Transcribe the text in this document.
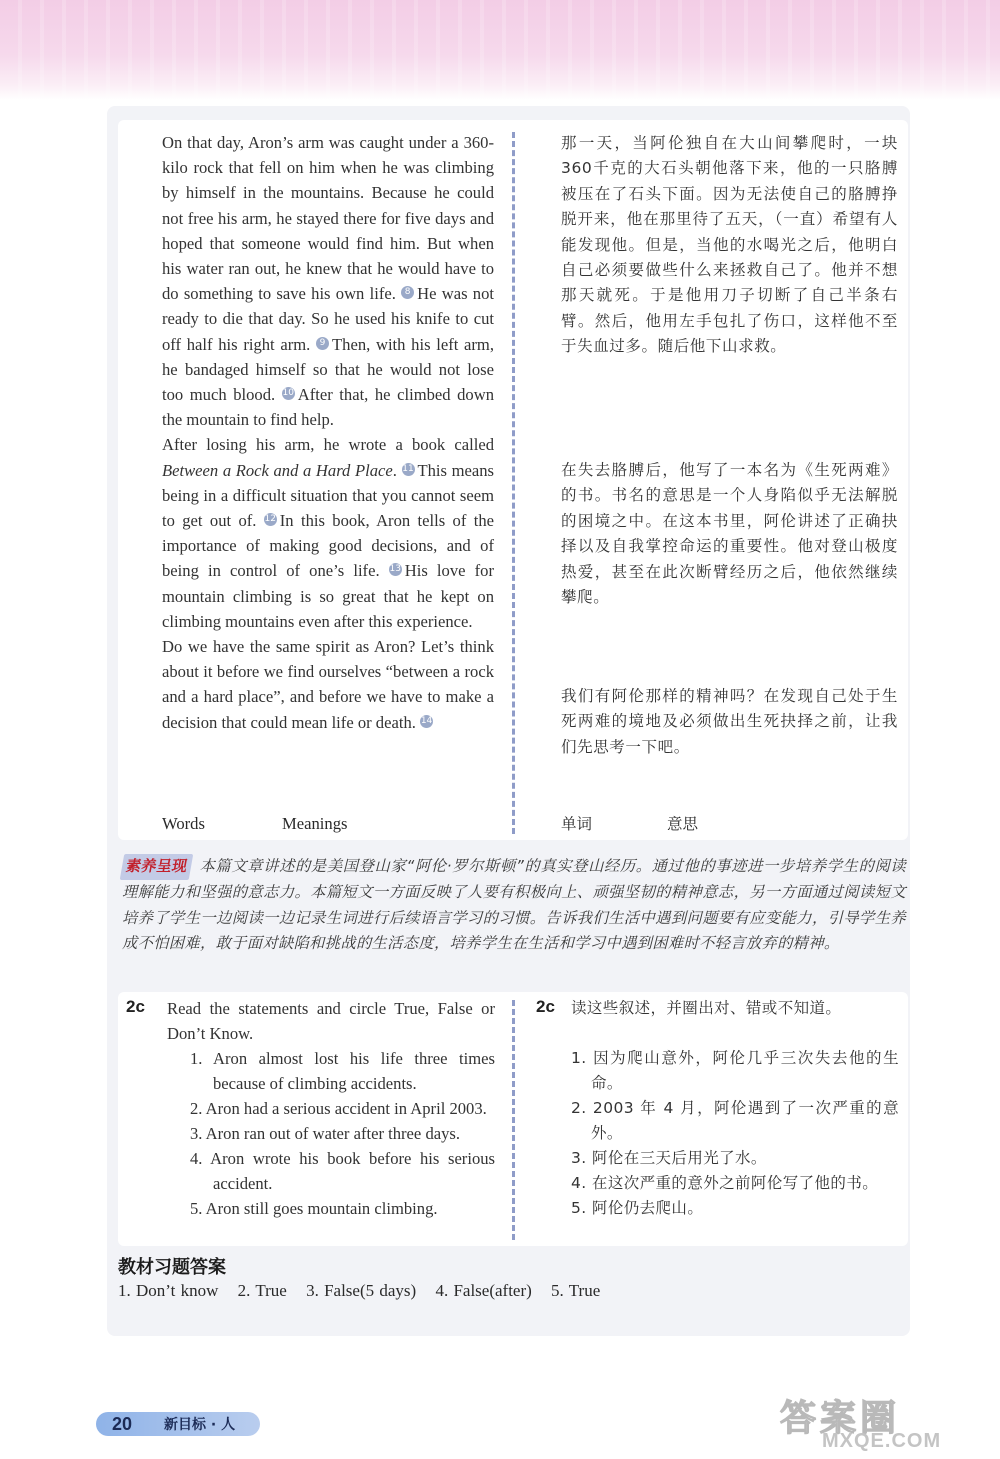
On that day, Aron’s arm was caught under a 360-kilo rock that fell on him when he was climbing by himself in the mountains. Because he could not free his arm, he stayed there for five days and hoped that someone would find him. But when his water ran out, he knew that he would have to do something to save his own life. 8 He was not ready to die that day. So he used his knife to cut off half his right arm. 9 Then, with his left arm, he bandaged himself so that he would not lose too much blood. 10 After that, he climbed down the mountain to find help.

After losing his arm, he wrote a book called Between a Rock and a Hard Place. 11 This means being in a difficult situation that you cannot seem to get out of. 12 In this book, Aron tells of the importance of making good decisions, and of being in control of one’s life. 13 His love for mountain climbing is so great that he kept on climbing mountains even after this experience.

Do we have the same spirit as Aron? Let’s think about it before we find ourselves “between a rock and a hard place”, and before we have to make a decision that could mean life or death. 14

Words	Meanings
那一天，当阿伦独自在大山间攀爬时，一块360千克的大石头朝他落下来，他的一只胳膊被压在了石头下面。因为无法使自己的胳膊挣脱开来，他在那里待了五天，（一直）希望有人能发现他。但是，当他的水喝光之后，他明白自己必须要做些什么来拯救自己了。他并不想那天就死。于是他用刀子切断了自己半条右臂。然后，他用左手包扎了伤口，这样他不至于失血过多。随后他下山求救。
在失去胳膊后，他写了一本名为《生死两难》的书。书名的意思是一个人身陷似乎无法解脱的困境之中。在这本书里，阿伦讲述了正确抉择以及自我掌控命运的重要性。他对登山极度热爱，甚至在此次断臂经历之后，他依然继续攀爬。
我们有阿伦那样的精神吗？在发现自己处于生死两难的境地及必须做出生死抉择之前，让我们先思考一下吧。
单词	意思
素养呈现 本篇文章讲述的是美国登山家“阿伦·罗尔斯顿”的真实登山经历。通过他的事迹进一步培养学生的阅读理解能力和坚强的意志力。本篇短文一方面反映了人要有积极向上、顽强坚韧的精神意志，另一方面通过阅读短文培养了学生一边阅读一边记录生词进行后续语言学习的习惯。告诉我们生活中遇到问题要有应变能力，引导学生养成不怕困难，敢于面对缺陷和挑战的生活态度，培养学生在生活和学习中遇到困难时不轻言放弃的精神。
2c Read the statements and circle True, False or Don’t Know.
1. Aron almost lost his life three times because of climbing accidents.
2. Aron had a serious accident in April 2003.
3. Aron ran out of water after three days.
4. Aron wrote his book before his serious accident.
5. Aron still goes mountain climbing.
2c 读这些叙述，并圈出对、错或不知道。
1. 因为爬山意外，阿伦几乎三次失去他的生命。
2. 2003 年 4 月，阿伦遇到了一次严重的意外。
3. 阿伦在三天后用光了水。
4. 在这次严重的意外之前阿伦写了他的书。
5. 阿伦仍去爬山。
教材习题答案
1. Don’t know 2. True 3. False(5 days) 4. False(after) 5. True
20 新目标 · 人	答案圈
MXQE.COM
